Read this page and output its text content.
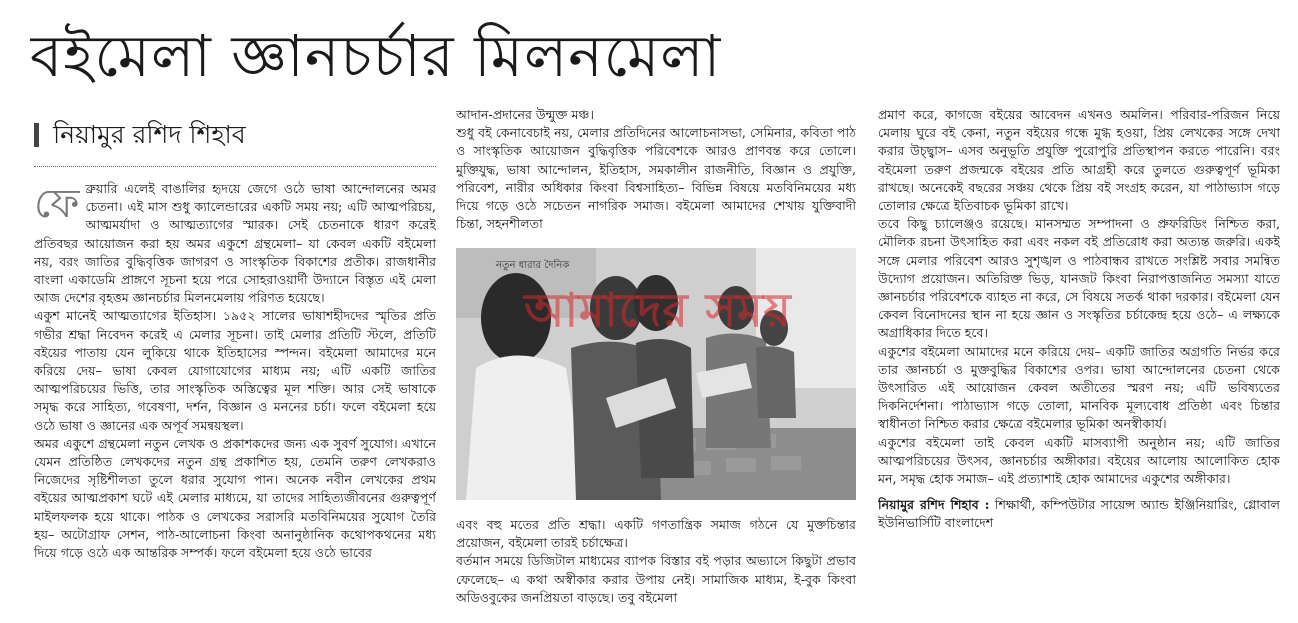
বইমেলা জ্ঞানচর্চার মিলনমেলা
নিয়ামুর রশিদ শিহাব

ফেব্রুয়ারি এলেই বাঙালির হৃদয়ে জেগে ওঠে ভাষা আন্দোলনের অমর চেতনা। এই মাস শুধু ক্যালেন্ডারের একটি সময় নয়; এটি আত্মপরিচয়, আত্মমর্যাদা ও আত্মত্যাগের স্মারক। সেই চেতনাকে ধারণ করেই প্রতিবছর আয়োজন করা হয় অমর একুশে গ্রন্থমেলা– যা কেবল একটি বইমেলা নয়, বরং জাতির বুদ্ধিবৃত্তিক জাগরণ ও সাংস্কৃতিক বিকাশের প্রতীক। রাজধানীর বাংলা একাডেমি প্রাঙ্গণে সূচনা হয়ে পরে সোহরাওয়ার্দী উদ্যানে বিস্তৃত এই মেলা আজ দেশের বৃহত্তম জ্ঞানচর্চার মিলনমেলায় পরিণত হয়েছে।

একুশ মানেই আত্মত্যাগের ইতিহাস। ১৯৫২ সালের ভাষাশহীদদের স্মৃতির প্রতি গভীর শ্রদ্ধা নিবেদন করেই এ মেলার সূচনা। তাই মেলার প্রতিটি স্টলে, প্রতিটি বইয়ের পাতায় যেন লুকিয়ে থাকে ইতিহাসের স্পন্দন। বইমেলা আমাদের মনে করিয়ে দেয়– ভাষা কেবল যোগাযোগের মাধ্যম নয়; এটি একটি জাতির আত্মপরিচয়ের ভিত্তি, তার সাংস্কৃতিক অস্তিত্বের মূল শক্তি। আর সেই ভাষাকে সমৃদ্ধ করে সাহিত্য, গবেষণা, দর্শন, বিজ্ঞান ও মননের চর্চা। ফলে বইমেলা হয়ে ওঠে ভাষা ও জ্ঞানের এক অপূর্ব সমন্বয়স্থল।

অমর একুশে গ্রন্থমেলা নতুন লেখক ও প্রকাশকদের জন্য এক সুবর্ণ সুযোগ। এখানে যেমন প্রতিষ্ঠিত লেখকদের নতুন গ্রন্থ প্রকাশিত হয়, তেমনি তরুণ লেখকরাও নিজেদের সৃষ্টিশীলতা তুলে ধরার সুযোগ পান। অনেক নবীন লেখকের প্রথম বইয়ের আত্মপ্রকাশ ঘটে এই মেলার মাধ্যমে, যা তাদের সাহিত্যজীবনের গুরুত্বপূর্ণ মাইলফলক হয়ে থাকে। পাঠক ও লেখকের সরাসরি মতবিনিময়ের সুযোগ তৈরি হয়– অটোগ্রাফ সেশন, পাঠ-আলোচনা কিংবা অনানুষ্ঠানিক কথোপকথনের মধ্য দিয়ে গড়ে ওঠে এক আন্তরিক সম্পর্ক। ফলে বইমেলা হয়ে ওঠে ভাবের

আদান-প্রদানের উন্মুক্ত মঞ্চ।

শুধু বই কেনাবেচাই নয়, মেলার প্রতিদিনের আলোচনাসভা, সেমিনার, কবিতা পাঠ ও সাংস্কৃতিক আয়োজন বুদ্ধিবৃত্তিক পরিবেশকে আরও প্রাণবন্ত করে তোলে। মুক্তিযুদ্ধ, ভাষা আন্দোলন, ইতিহাস, সমকালীন রাজনীতি, বিজ্ঞান ও প্রযুক্তি, পরিবেশ, নারীর অধিকার কিংবা বিশ্বসাহিত্য– বিভিন্ন বিষয়ে মতবিনিময়ের মধ্য দিয়ে গড়ে ওঠে সচেতন নাগরিক সমাজ। বইমেলা আমাদের শেখায় যুক্তিবাদী চিন্তা, সহনশীলতা

নতুন ধারার দৈনিক
আমাদের সময়

এবং বহু মতের প্রতি শ্রদ্ধা। একটি গণতান্ত্রিক সমাজ গঠনে যে মুক্তচিন্তার প্রয়োজন, বইমেলা তারই চর্চাক্ষেত্র।

বর্তমান সময়ে ডিজিটাল মাধ্যমের ব্যাপক বিস্তার বই পড়ার অভ্যাসে কিছুটা প্রভাব ফেলেছে– এ কথা অস্বীকার করার উপায় নেই। সামাজিক মাধ্যম, ই-বুক কিংবা অডিওবুকের জনপ্রিয়তা বাড়ছে। তবু বইমেলা

প্রমাণ করে, কাগজে বইয়ের আবেদন এখনও অমলিন। পরিবার-পরিজন নিয়ে মেলায় ঘুরে বই কেনা, নতুন বইয়ের গন্ধে মুগ্ধ হওয়া, প্রিয় লেখকের সঙ্গে দেখা করার উচ্ছ্বাস– এসব অনুভূতি প্রযুক্তি পুরোপুরি প্রতিস্থাপন করতে পারেনি। বরং বইমেলা তরুণ প্রজন্মকে বইয়ের প্রতি আগ্রহী করে তুলতে গুরুত্বপূর্ণ ভূমিকা রাখছে। অনেকেই বছরের সঞ্চয় থেকে প্রিয় বই সংগ্রহ করেন, যা পাঠাভ্যাস গড়ে তোলার ক্ষেত্রে ইতিবাচক ভূমিকা রাখে।

তবে কিছু চ্যালেঞ্জও রয়েছে। মানসম্মত সম্পাদনা ও প্রুফরিডিং নিশ্চিত করা, মৌলিক রচনা উৎসাহিত করা এবং নকল বই প্রতিরোধ করা অত্যন্ত জরুরি। একই সঙ্গে মেলার পরিবেশ আরও সুশৃঙ্খল ও পাঠবান্ধব রাখতে সংশ্লিষ্ট সবার সমন্বিত উদ্যোগ প্রয়োজন। অতিরিক্ত ভিড়, যানজট কিংবা নিরাপত্তাজনিত সমস্যা যাতে জ্ঞানচর্চার পরিবেশকে ব্যাহত না করে, সে বিষয়ে সতর্ক থাকা দরকার। বইমেলা যেন কেবল বিনোদনের স্থান না হয়ে জ্ঞান ও সংস্কৃতির চর্চাকেন্দ্র হয়ে ওঠে– এ লক্ষ্যকে অগ্রাধিকার দিতে হবে।

একুশের বইমেলা আমাদের মনে করিয়ে দেয়– একটি জাতির অগ্রগতি নির্ভর করে তার জ্ঞানচর্চা ও মুক্তবুদ্ধির বিকাশের ওপর। ভাষা আন্দোলনের চেতনা থেকে উৎসারিত এই আয়োজন কেবল অতীতের স্মরণ নয়; এটি ভবিষ্যতের দিকনির্দেশনা। পাঠাভ্যাস গড়ে তোলা, মানবিক মূল্যবোধ প্রতিষ্ঠা এবং চিন্তার স্বাধীনতা নিশ্চিত করার ক্ষেত্রে বইমেলার ভূমিকা অনস্বীকার্য।

একুশের বইমেলা তাই কেবল একটি মাসব্যাপী অনুষ্ঠান নয়; এটি জাতির আত্মপরিচয়ের উৎসব, জ্ঞানচর্চার অঙ্গীকার। বইয়ের আলোয় আলোকিত হোক মন, সমৃদ্ধ হোক সমাজ– এই প্রত্যাশাই হোক আমাদের একুশের অঙ্গীকার।

নিয়ামুর রশিদ শিহাব : শিক্ষার্থী, কম্পিউটার সায়েন্স অ্যান্ড ইঞ্জিনিয়ারিং, গ্লোবাল ইউনিভার্সিটি বাংলাদেশ
